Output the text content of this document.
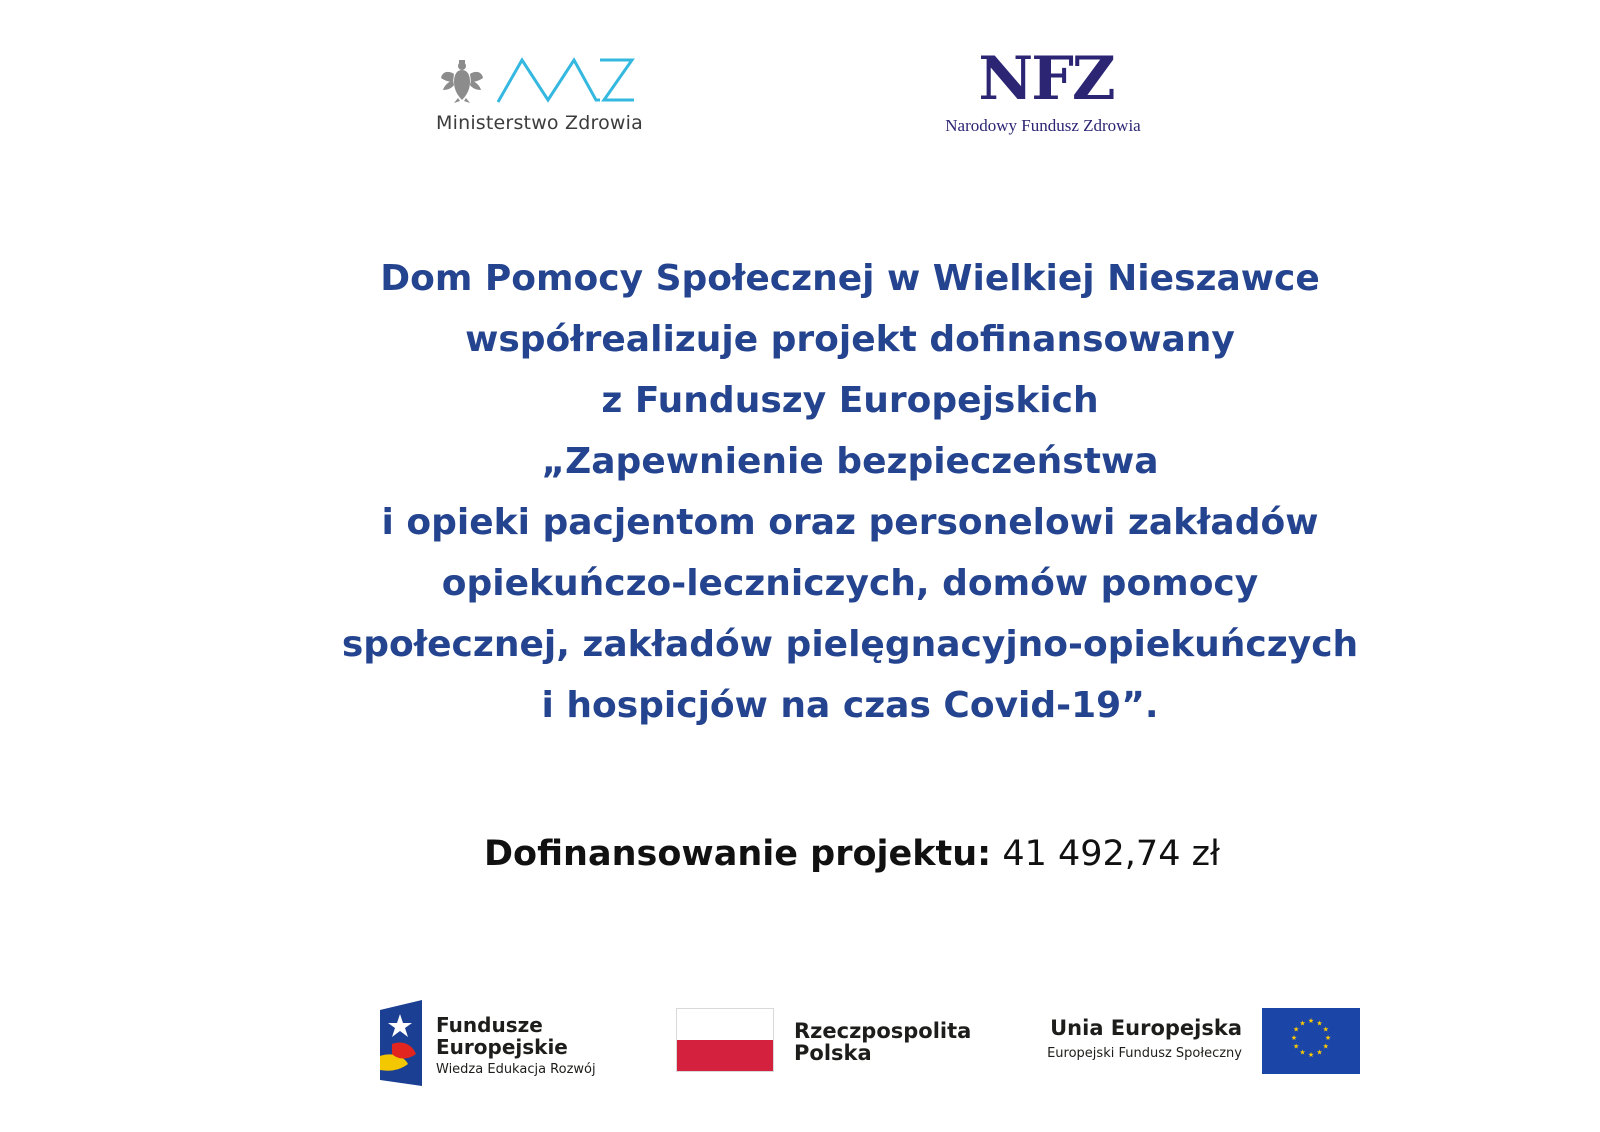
Ministerstwo Zdrowia
NFZ
Narodowy Fundusz Zdrowia
Dom Pomocy Społecznej w Wielkiej Nieszawce
współrealizuje projekt dofinansowany
z Funduszy Europejskich
„Zapewnienie bezpieczeństwa
i opieki pacjentom oraz personelowi zakładów
opiekuńczo-leczniczych, domów pomocy
społecznej, zakładów pielęgnacyjno-opiekuńczych
i hospicjów na czas Covid-19”.
Dofinansowanie projektu: 41 492,74 zł
Fundusze
Europejskie
Wiedza Edukacja Rozwój
Rzeczpospolita
Polska
Unia Europejska
Europejski Fundusz Społeczny
★ ★
★
★
★
★
★
★
★
★
★
★
